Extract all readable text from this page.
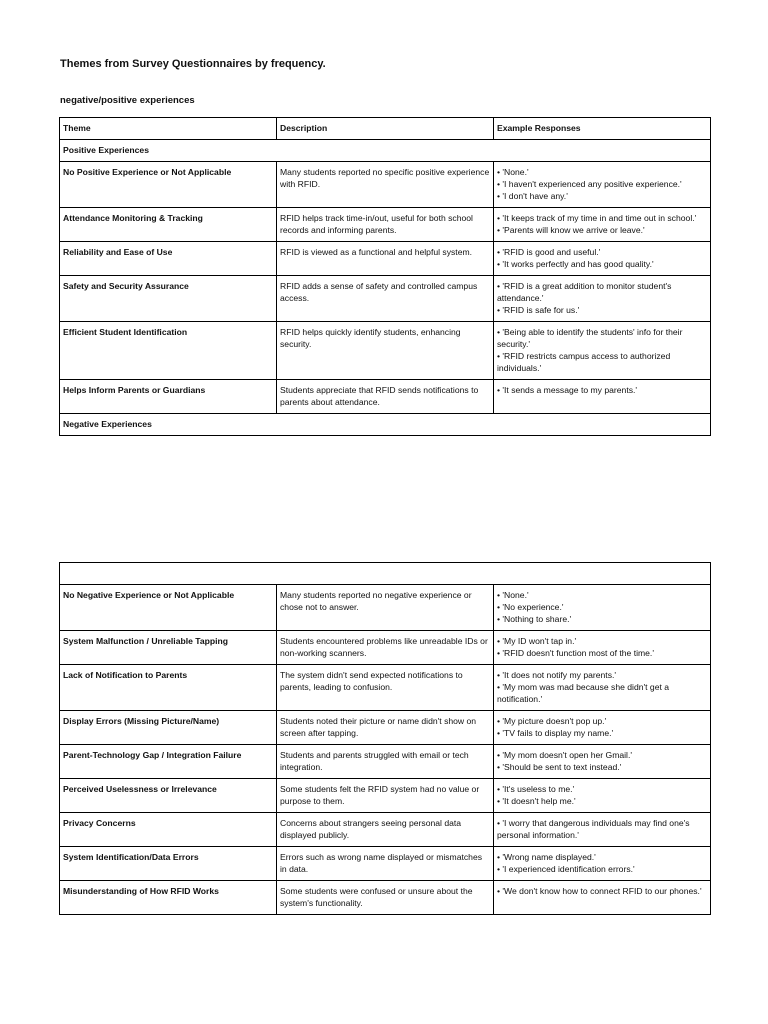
Themes from Survey Questionnaires by frequency.
negative/positive experiences
Theme	Description	Example Responses
Positive Experiences		
No Positive Experience or Not Applicable	Many students reported no specific positive experience with RFID.	• 'None.'
• 'I haven't experienced any positive experience.'
• 'I don't have any.'

Attendance Monitoring & Tracking	RFID helps track time-in/out, useful for both school records and informing parents.	• 'It keeps track of my time in and time out in school.'
• 'Parents will know we arrive or leave.'

Reliability and Ease of Use	RFID is viewed as a functional and helpful system.	• 'RFID is good and useful.'
• 'It works perfectly and has good quality.'

Safety and Security Assurance	RFID adds a sense of safety and controlled campus access.	• 'RFID is a great addition to monitor student's attendance.'
• 'RFID is safe for us.'

Efficient Student Identification	RFID helps quickly identify students, enhancing security.	• 'Being able to identify the students' info for their security.'
• 'RFID restricts campus access to authorized individuals.'

Helps Inform Parents or Guardians	Students appreciate that RFID sends notifications to parents about attendance.	• 'It sends a message to my parents.'

Negative Experiences		

No Negative Experience or Not Applicable	Many students reported no negative experience or chose not to answer.	• 'None.'
• 'No experience.'
• 'Nothing to share.'

System Malfunction / Unreliable Tapping	Students encountered problems like unreadable IDs or non-working scanners.	• 'My ID won't tap in.'
• 'RFID doesn't function most of the time.'

Lack of Notification to Parents	The system didn't send expected notifications to parents, leading to confusion.	• 'It does not notify my parents.'
• 'My mom was mad because she didn't get a notification.'

Display Errors (Missing Picture/Name)	Students noted their picture or name didn't show on screen after tapping.	• 'My picture doesn't pop up.'
• 'TV fails to display my name.'

Parent-Technology Gap / Integration Failure	Students and parents struggled with email or tech integration.	• 'My mom doesn't open her Gmail.'
• 'Should be sent to text instead.'

Perceived Uselessness or Irrelevance	Some students felt the RFID system had no value or purpose to them.	• 'It's useless to me.'
• 'It doesn't help me.'

Privacy Concerns	Concerns about strangers seeing personal data displayed publicly.	• 'I worry that dangerous individuals may find one's personal information.'

System Identification/Data Errors	Errors such as wrong name displayed or mismatches in data.	• 'Wrong name displayed.'
• 'I experienced identification errors.'

Misunderstanding of How RFID Works	Some students were confused or unsure about the system's functionality.	• 'We don't know how to connect RFID to our phones.'
